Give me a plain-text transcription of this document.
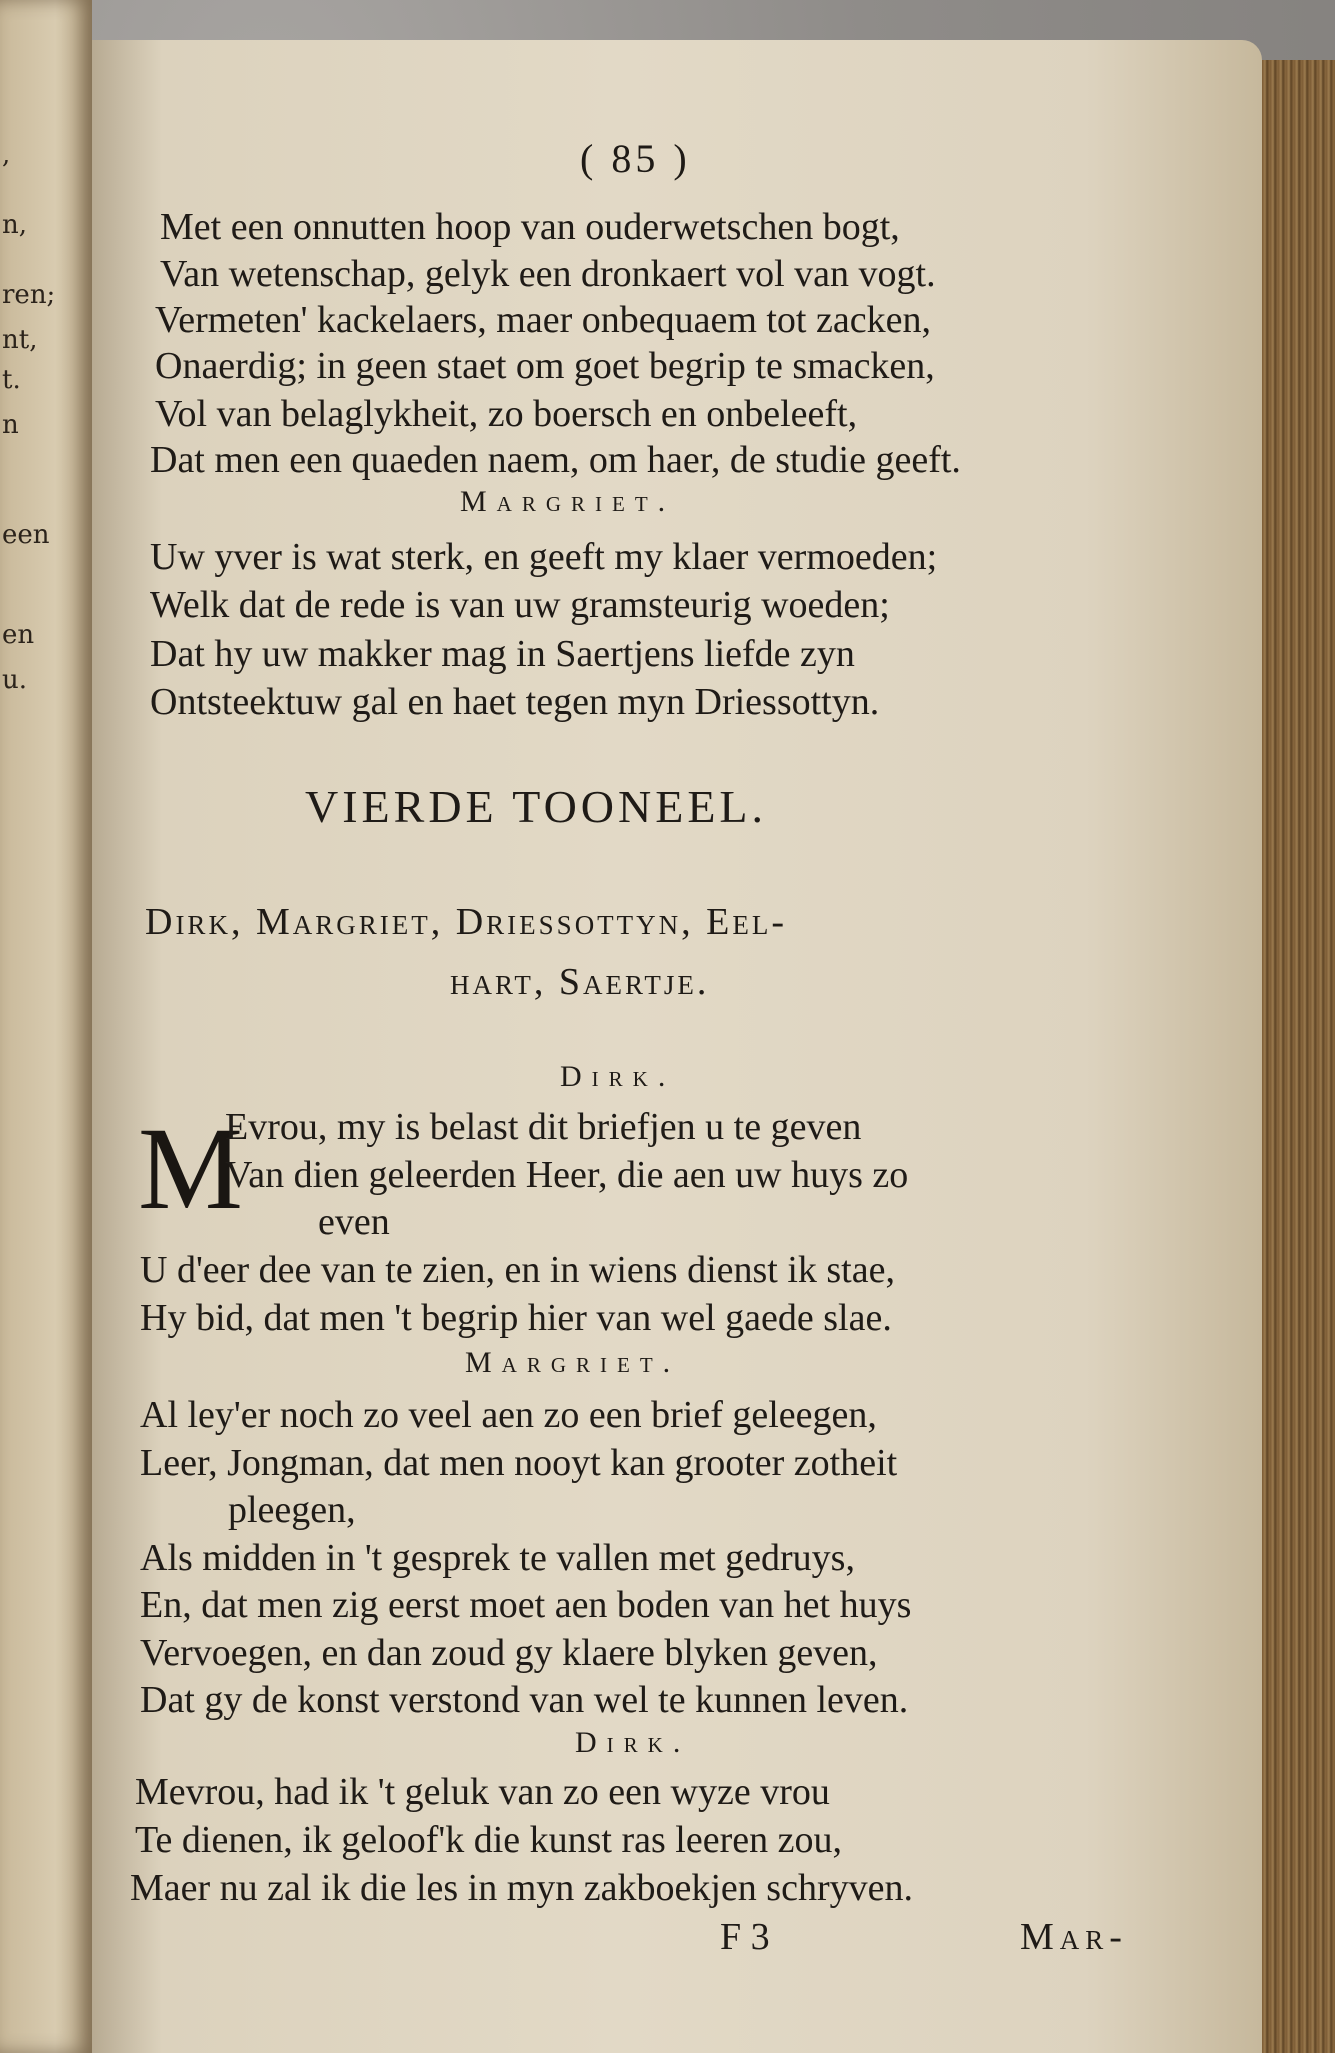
,
n,
ren;
nt,
t.
n
een
en
u.
( 85 )
Met een onnutten hoop van ouderwetschen bogt,
Van wetenschap, gelyk een dronkaert vol van vogt.
Vermeten' kackelaers, maer onbequaem tot zacken,
Onaerdig; in geen staet om goet begrip te smacken,
Vol van belaglykheit, zo boersch en onbeleeft,
Dat men een quaeden naem, om haer, de studie geeft.
Margriet.
Uw yver is wat sterk, en geeft my klaer vermoeden;
Welk dat de rede is van uw gramsteurig woeden;
Dat hy uw makker mag in Saertjens liefde zyn
Ontsteektuw gal en haet tegen myn Driessottyn.
VIERDE TOONEEL.
Dirk, Margriet, Driessottyn, Eel-
hart, Saertje.
Dirk.
M
Evrou, my is belast dit briefjen u te geven
Van dien geleerden Heer, die aen uw huys zo
even
U d'eer dee van te zien, en in wiens dienst ik stae,
Hy bid, dat men 't begrip hier van wel gaede slae.
Margriet.
Al ley'er noch zo veel aen zo een brief geleegen,
Leer, Jongman, dat men nooyt kan grooter zotheit
pleegen,
Als midden in 't gesprek te vallen met gedruys,
En, dat men zig eerst moet aen boden van het huys
Vervoegen, en dan zoud gy klaere blyken geven,
Dat gy de konst verstond van wel te kunnen leven.
Dirk.
Mevrou, had ik 't geluk van zo een wyze vrou
Te dienen, ik geloof'k die kunst ras leeren zou,
Maer nu zal ik die les in myn zakboekjen schryven.
F 3	Mar-
